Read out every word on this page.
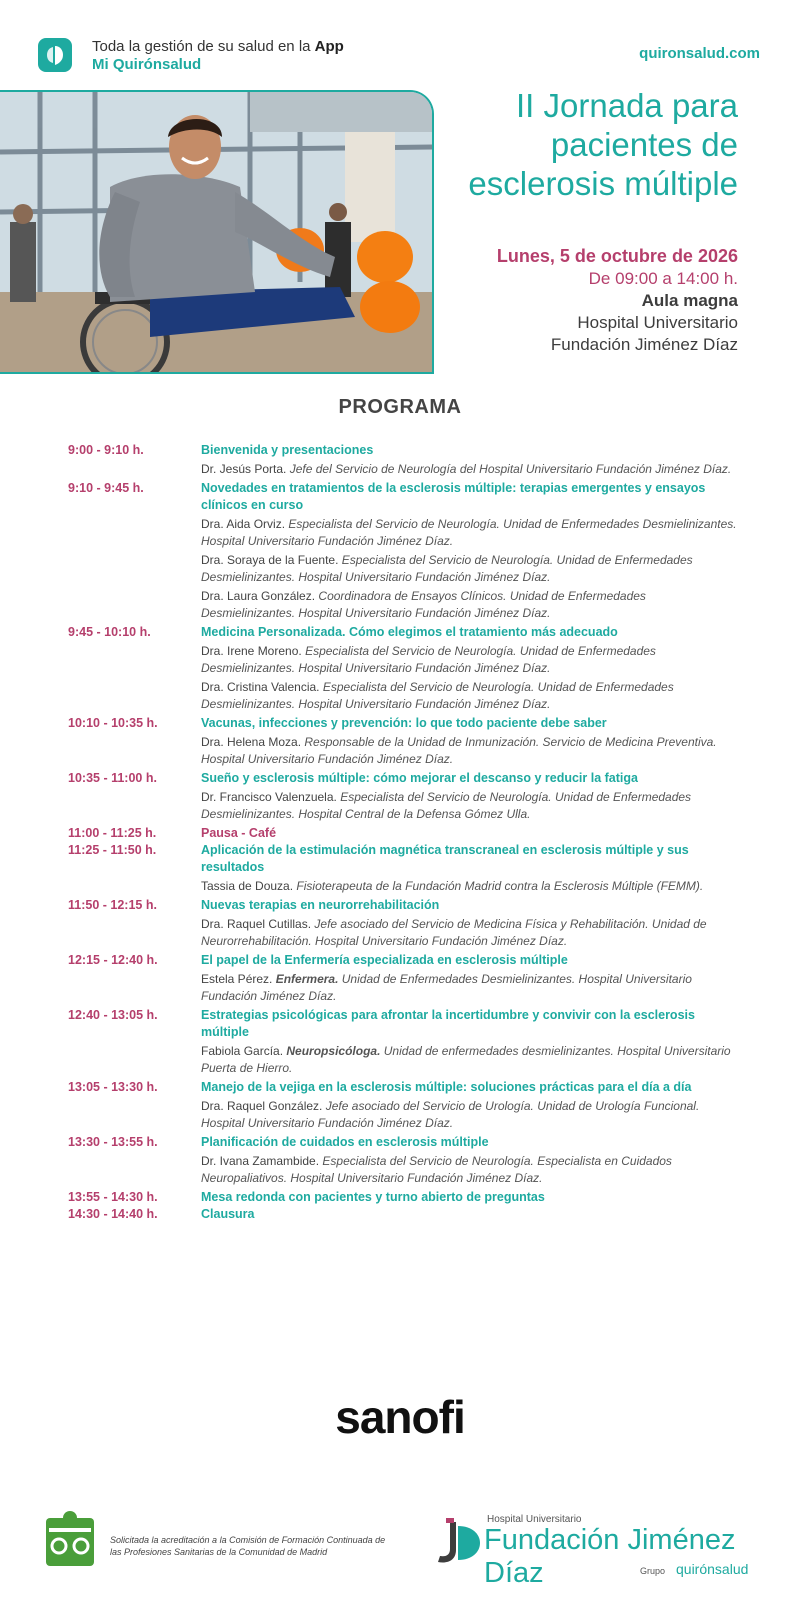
Toda la gestión de su salud en la App
Mi Quirónsalud
quironsalud.com
II Jornada para pacientes de esclerosis múltiple
Lunes, 5 de octubre de 2026
De 09:00 a 14:00 h.
Aula magna
Hospital Universitario
Fundación Jiménez Díaz
PROGRAMA
9:00 - 9:10 h.	Bienvenida y presentaciones
Dr. Jesús Porta. Jefe del Servicio de Neurología del Hospital Universitario Fundación Jiménez Díaz.
9:10 - 9:45 h.	Novedades en tratamientos de la esclerosis múltiple: terapias emergentes y ensayos clínicos en curso
Dra. Aida Orviz. Especialista del Servicio de Neurología. Unidad de Enfermedades Desmielinizantes. Hospital Universitario Fundación Jiménez Díaz.
Dra. Soraya de la Fuente. Especialista del Servicio de Neurología. Unidad de Enfermedades Desmielinizantes. Hospital Universitario Fundación Jiménez Díaz.
Dra. Laura González. Coordinadora de Ensayos Clínicos. Unidad de Enfermedades Desmielinizantes. Hospital Universitario Fundación Jiménez Díaz.
9:45 - 10:10 h.	Medicina Personalizada. Cómo elegimos el tratamiento más adecuado
Dra. Irene Moreno. Especialista del Servicio de Neurología. Unidad de Enfermedades Desmielinizantes. Hospital Universitario Fundación Jiménez Díaz.
Dra. Cristina Valencia. Especialista del Servicio de Neurología. Unidad de Enfermedades Desmielinizantes. Hospital Universitario Fundación Jiménez Díaz.
10:10 - 10:35 h.	Vacunas, infecciones y prevención: lo que todo paciente debe saber
Dra. Helena Moza. Responsable de la Unidad de Inmunización. Servicio de Medicina Preventiva. Hospital Universitario Fundación Jiménez Díaz.
10:35 - 11:00 h.	Sueño y esclerosis múltiple: cómo mejorar el descanso y reducir la fatiga
Dr. Francisco Valenzuela. Especialista del Servicio de Neurología. Unidad de Enfermedades Desmielinizantes. Hospital Central de la Defensa Gómez Ulla.
11:00 - 11:25 h.	Pausa - Café
11:25 - 11:50 h.	Aplicación de la estimulación magnética transcraneal en esclerosis múltiple y sus resultados
Tassia de Douza. Fisioterapeuta de la Fundación Madrid contra la Esclerosis Múltiple (FEMM).
11:50 - 12:15 h.	Nuevas terapias en neurorrehabilitación
Dra. Raquel Cutillas. Jefe asociado del Servicio de Medicina Física y Rehabilitación. Unidad de Neurorrehabilitación. Hospital Universitario Fundación Jiménez Díaz.
12:15 - 12:40 h.	El papel de la Enfermería especializada en esclerosis múltiple
Estela Pérez. Enfermera. Unidad de Enfermedades Desmielinizantes. Hospital Universitario Fundación Jiménez Díaz.
12:40 - 13:05 h.	Estrategias psicológicas para afrontar la incertidumbre y convivir con la esclerosis múltiple
Fabiola García. Neuropsicóloga. Unidad de enfermedades desmielinizantes. Hospital Universitario Puerta de Hierro.
13:05 - 13:30 h.	Manejo de la vejiga en la esclerosis múltiple: soluciones prácticas para el día a día
Dra. Raquel González. Jefe asociado del Servicio de Urología. Unidad de Urología Funcional. Hospital Universitario Fundación Jiménez Díaz.
13:30 - 13:55 h.	Planificación de cuidados en esclerosis múltiple
Dr. Ivana Zamambide. Especialista del Servicio de Neurología. Especialista en Cuidados Neuropaliativos. Hospital Universitario Fundación Jiménez Díaz.
13:55 - 14:30 h.	Mesa redonda con pacientes y turno abierto de preguntas
14:30 - 14:40 h.	Clausura
sanofi
Solicitada la acreditación a la Comisión de Formación Continuada de las Profesiones Sanitarias de la Comunidad de Madrid
Hospital Universitario
Fundación Jiménez Díaz	Grupo quirónsalud
